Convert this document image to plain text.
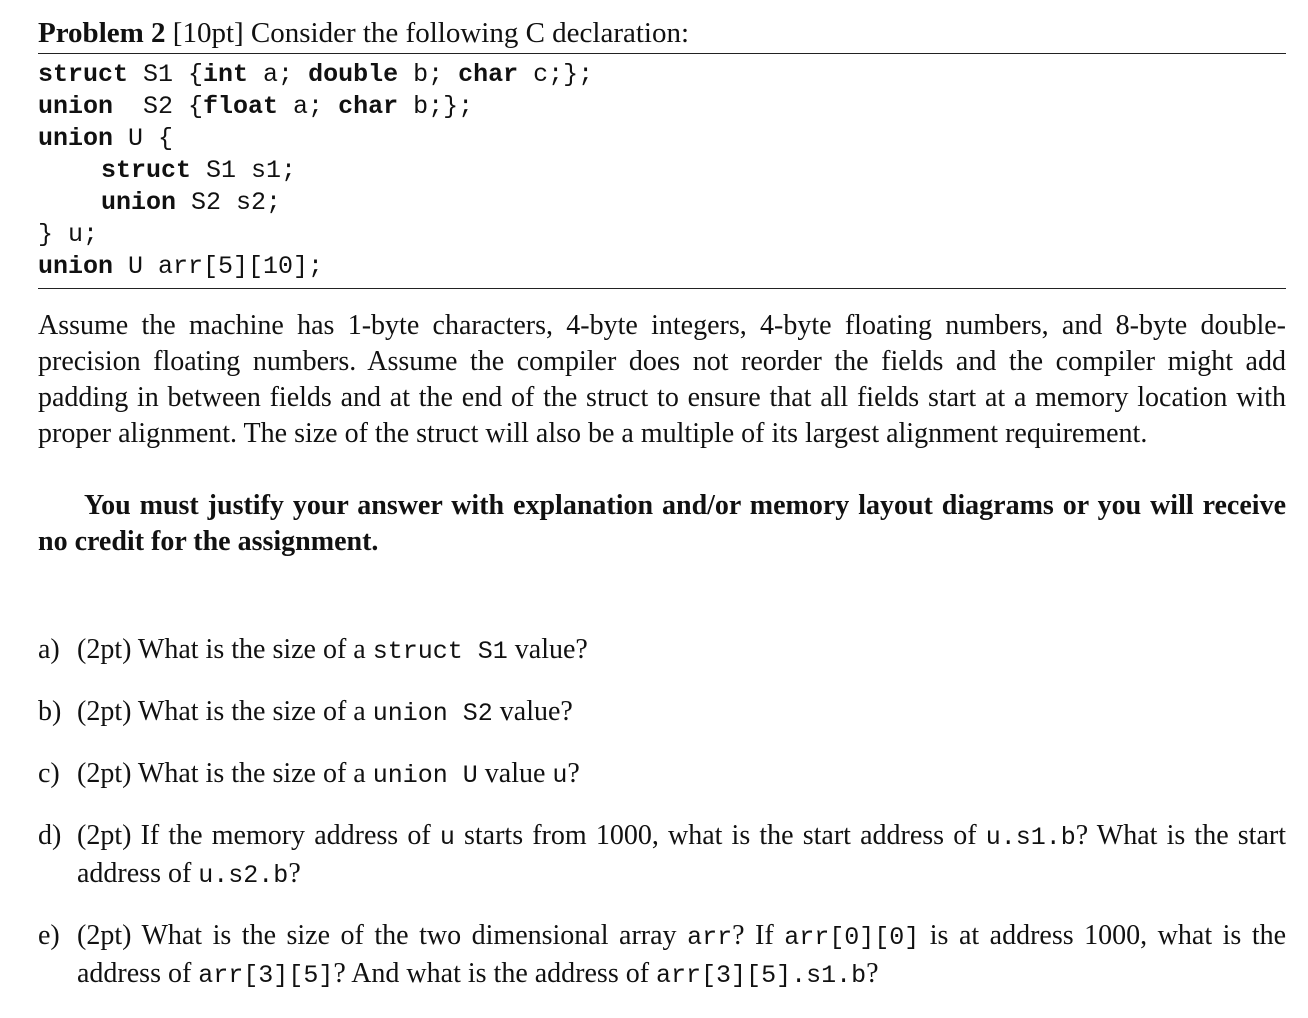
Problem 2 [10pt] Consider the following C declaration:
struct S1 {int a; double b; char c;};
union  S2 {float a; char b;};
union U {
struct S1 s1;
union S2 s2;
} u;
union U arr[5][10];

Assume the machine has 1-byte characters, 4-byte integers, 4-byte floating numbers, and 8-byte double-precision floating numbers. Assume the compiler does not reorder the fields and the compiler might add padding in between fields and at the end of the struct to ensure that all fields start at a memory location with proper alignment. The size of the struct will also be a multiple of its largest alignment requirement.

You must justify your answer with explanation and/or memory layout diagrams or you will receive no credit for the assignment.

a) (2pt) What is the size of a struct S1 value?
b) (2pt) What is the size of a union S2 value?
c) (2pt) What is the size of a union U value u?
d) (2pt) If the memory address of u starts from 1000, what is the start address of u.s1.b? What is the start address of u.s2.b?
e) (2pt) What is the size of the two dimensional array arr? If arr[0][0] is at address 1000, what is the address of arr[3][5]? And what is the address of arr[3][5].s1.b?
